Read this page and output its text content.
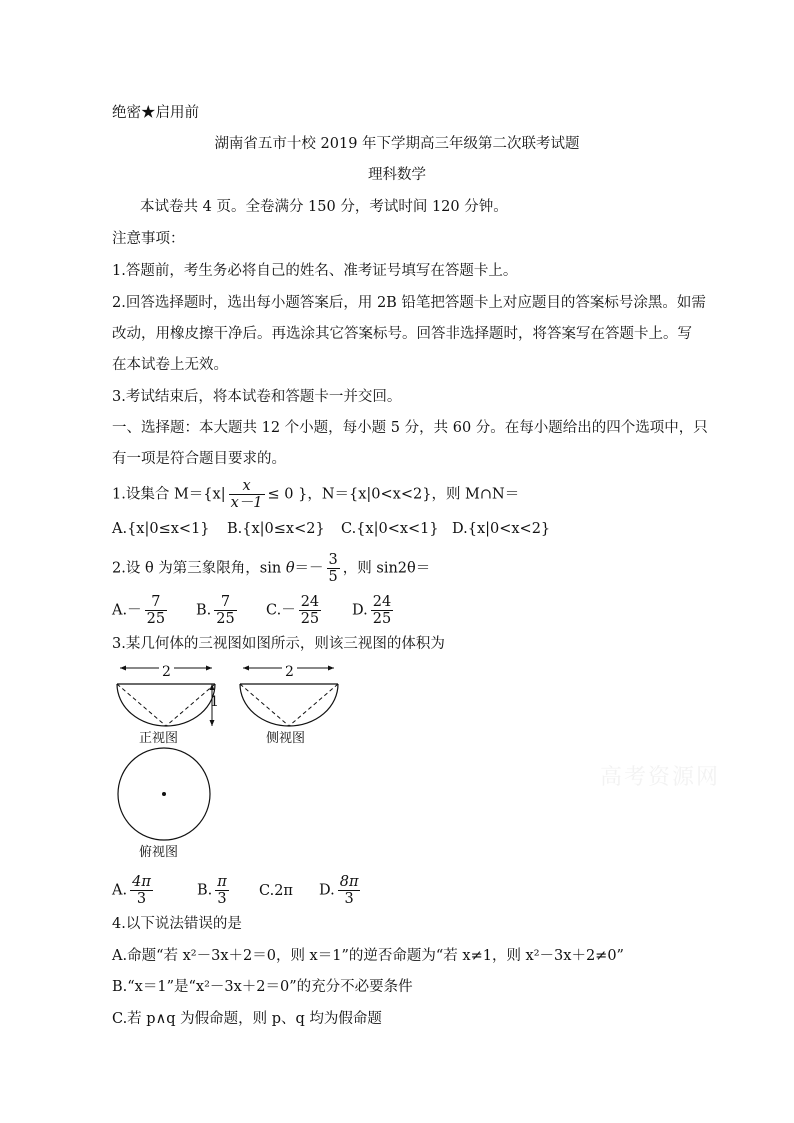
绝密★启用前
湖南省五市十校 2019 年下学期高三年级第二次联考试题
理科数学
本试卷共 4 页。全卷满分 150 分，考试时间 120 分钟。
注意事项：
1.答题前，考生务必将自己的姓名、准考证号填写在答题卡上。
2.回答选择题时，选出每小题答案后，用 2B 铅笔把答题卡上对应题目的答案标号涂黑。如需
改动，用橡皮擦干净后。再选涂其它答案标号。回答非选择题时，将答案写在答题卡上。写
在本试卷上无效。
3.考试结束后，将本试卷和答题卡一并交回。
一、选择题：本大题共 12 个小题，每小题 5 分，共 60 分。在每小题给出的四个选项中，只
有一项是符合题目要求的。
1.设集合 $M=\{x| \frac{x}{x-1} \le 0$ }，N＝{x|0<x<2}，则 M∩N＝
A.{x|0≤x<1} B.{x|0≤x<2} C.{x|0<x<1} D.{x|0<x<2}
2.设 θ 为第三象限角，$\sin \theta=- \frac{3}{5}$ ，则 sin2θ＝
$A.- \frac{7}{25} B$. $\frac{7}{25} C.- \frac{24}{25} D$. $\frac{24}{25}$
3.某几何体的三视图如图所示，则该三视图的体积为
2
1
正视图
2
侧视图
俯视图
高考资源网
A. $\frac{4\pi}{3}$	B. $\frac{\pi}{3} C.2\pi$ D. $\frac{8\pi}{3}$
4.以下说法错误的是
A.命题“若 x²－3x＋2＝0，则 x＝1”的逆否命题为“若 x≠1，则 x²－3x＋2≠0”
B.“x＝1”是“x²－3x＋2＝0”的充分不必要条件
C.若 p∧q 为假命题，则 p、q 均为假命题
